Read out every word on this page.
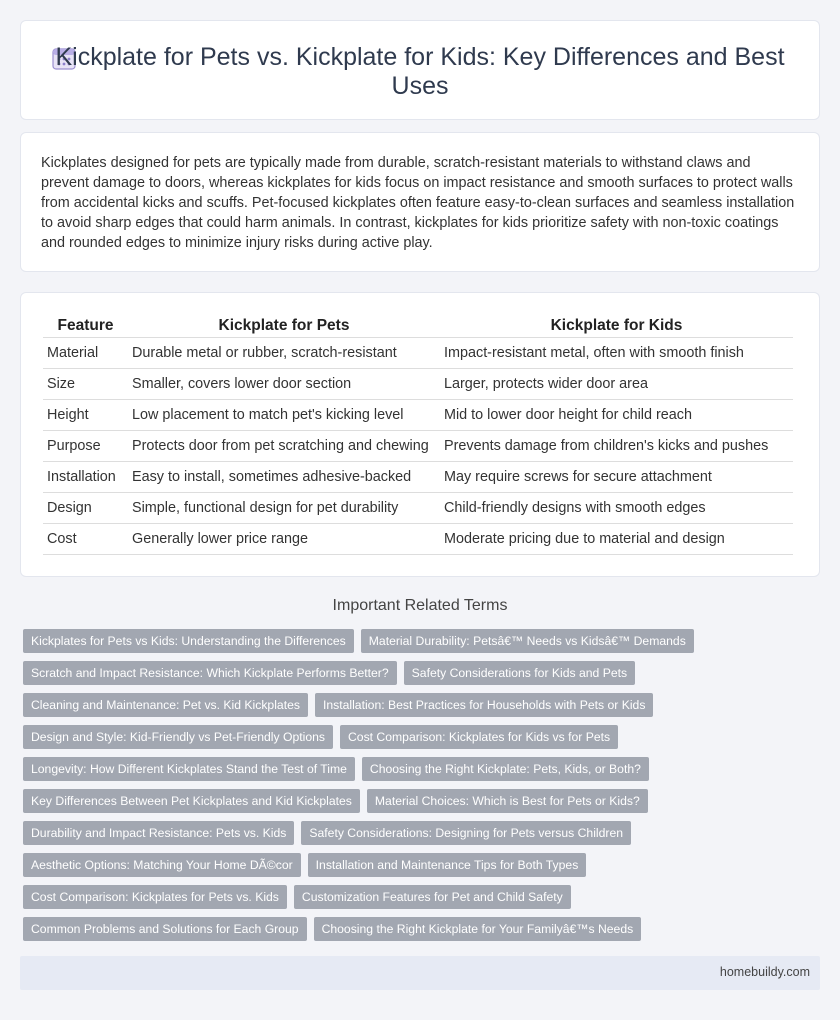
Kickplate for Pets vs. Kickplate for Kids: Key Differences and Best Uses

Kickplates designed for pets are typically made from durable, scratch-resistant materials to withstand claws and prevent damage to doors, whereas kickplates for kids focus on impact resistance and smooth surfaces to protect walls from accidental kicks and scuffs. Pet-focused kickplates often feature easy-to-clean surfaces and seamless installation to avoid sharp edges that could harm animals. In contrast, kickplates for kids prioritize safety with non-toxic coatings and rounded edges to minimize injury risks during active play.

Feature	Kickplate for Pets	Kickplate for Kids
Material	Durable metal or rubber, scratch-resistant	Impact-resistant metal, often with smooth finish
Size	Smaller, covers lower door section	Larger, protects wider door area
Height	Low placement to match pet's kicking level	Mid to lower door height for child reach
Purpose	Protects door from pet scratching and chewing	Prevents damage from children's kicks and pushes
Installation	Easy to install, sometimes adhesive-backed	May require screws for secure attachment
Design	Simple, functional design for pet durability	Child-friendly designs with smooth edges
Cost	Generally lower price range	Moderate pricing due to material and design
Important Related Terms
Kickplates for Pets vs Kids: Understanding the Differences	Material Durability: Petsâ€™ Needs vs Kidsâ€™ Demands
Scratch and Impact Resistance: Which Kickplate Performs Better?	Safety Considerations for Kids and Pets
Cleaning and Maintenance: Pet vs. Kid Kickplates	Installation: Best Practices for Households with Pets or Kids
Design and Style: Kid-Friendly vs Pet-Friendly Options	Cost Comparison: Kickplates for Kids vs for Pets
Longevity: How Different Kickplates Stand the Test of Time	Choosing the Right Kickplate: Pets, Kids, or Both?
Key Differences Between Pet Kickplates and Kid Kickplates	Material Choices: Which is Best for Pets or Kids?
Durability and Impact Resistance: Pets vs. Kids	Safety Considerations: Designing for Pets versus Children
Aesthetic Options: Matching Your Home DÃ©cor	Installation and Maintenance Tips for Both Types
Cost Comparison: Kickplates for Pets vs. Kids	Customization Features for Pet and Child Safety
Common Problems and Solutions for Each Group	Choosing the Right Kickplate for Your Familyâ€™s Needs
homebuildy.com
